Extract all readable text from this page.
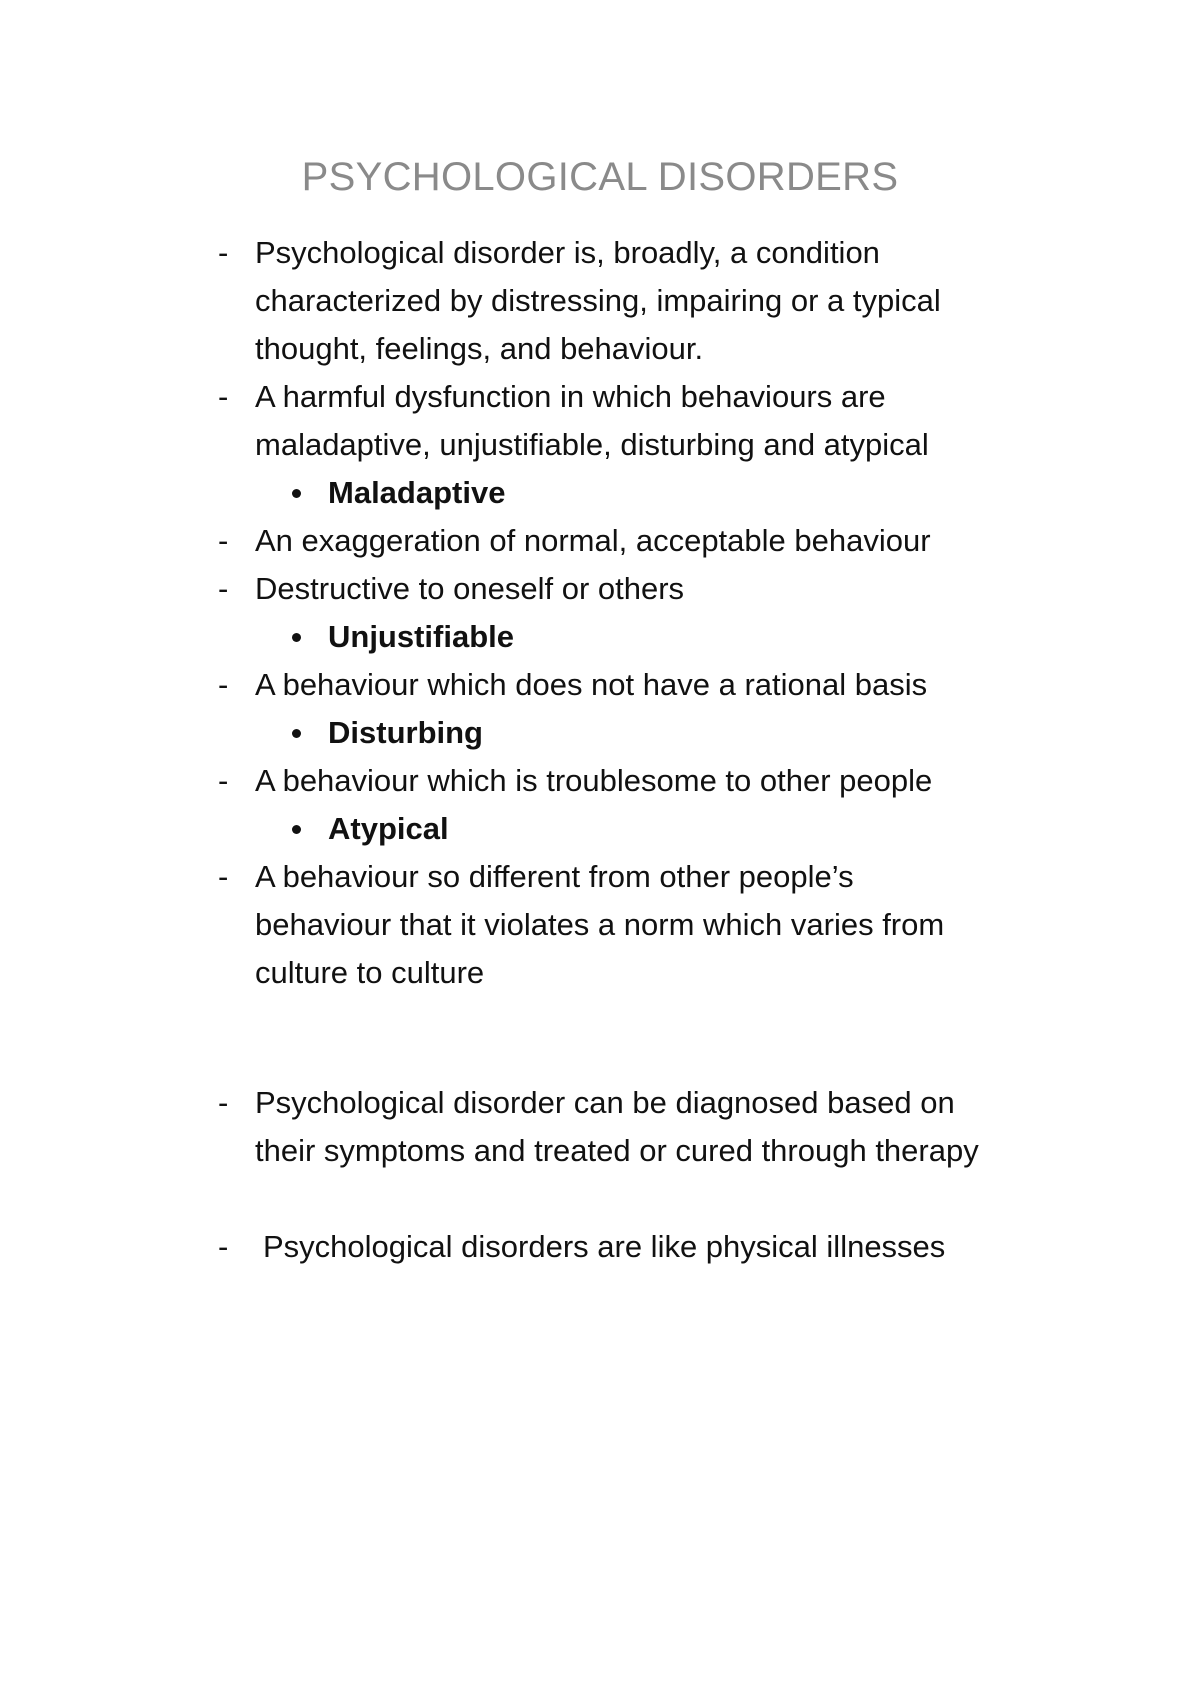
PSYCHOLOGICAL DISORDERS
- Psychological disorder is, broadly, a condition
characterized by distressing, impairing or a typical
thought, feelings, and behaviour.
- A harmful dysfunction in which behaviours are
maladaptive, unjustifiable, disturbing and atypical
Maladaptive
- An exaggeration of normal, acceptable behaviour
- Destructive to oneself or others
Unjustifiable
- A behaviour which does not have a rational basis
Disturbing
- A behaviour which is troublesome to other people
Atypical
- A behaviour so different from other people’s
behaviour that it violates a norm which varies from
culture to culture
- Psychological disorder can be diagnosed based on
their symptoms and treated or cured through therapy
- Psychological disorders are like physical illnesses
